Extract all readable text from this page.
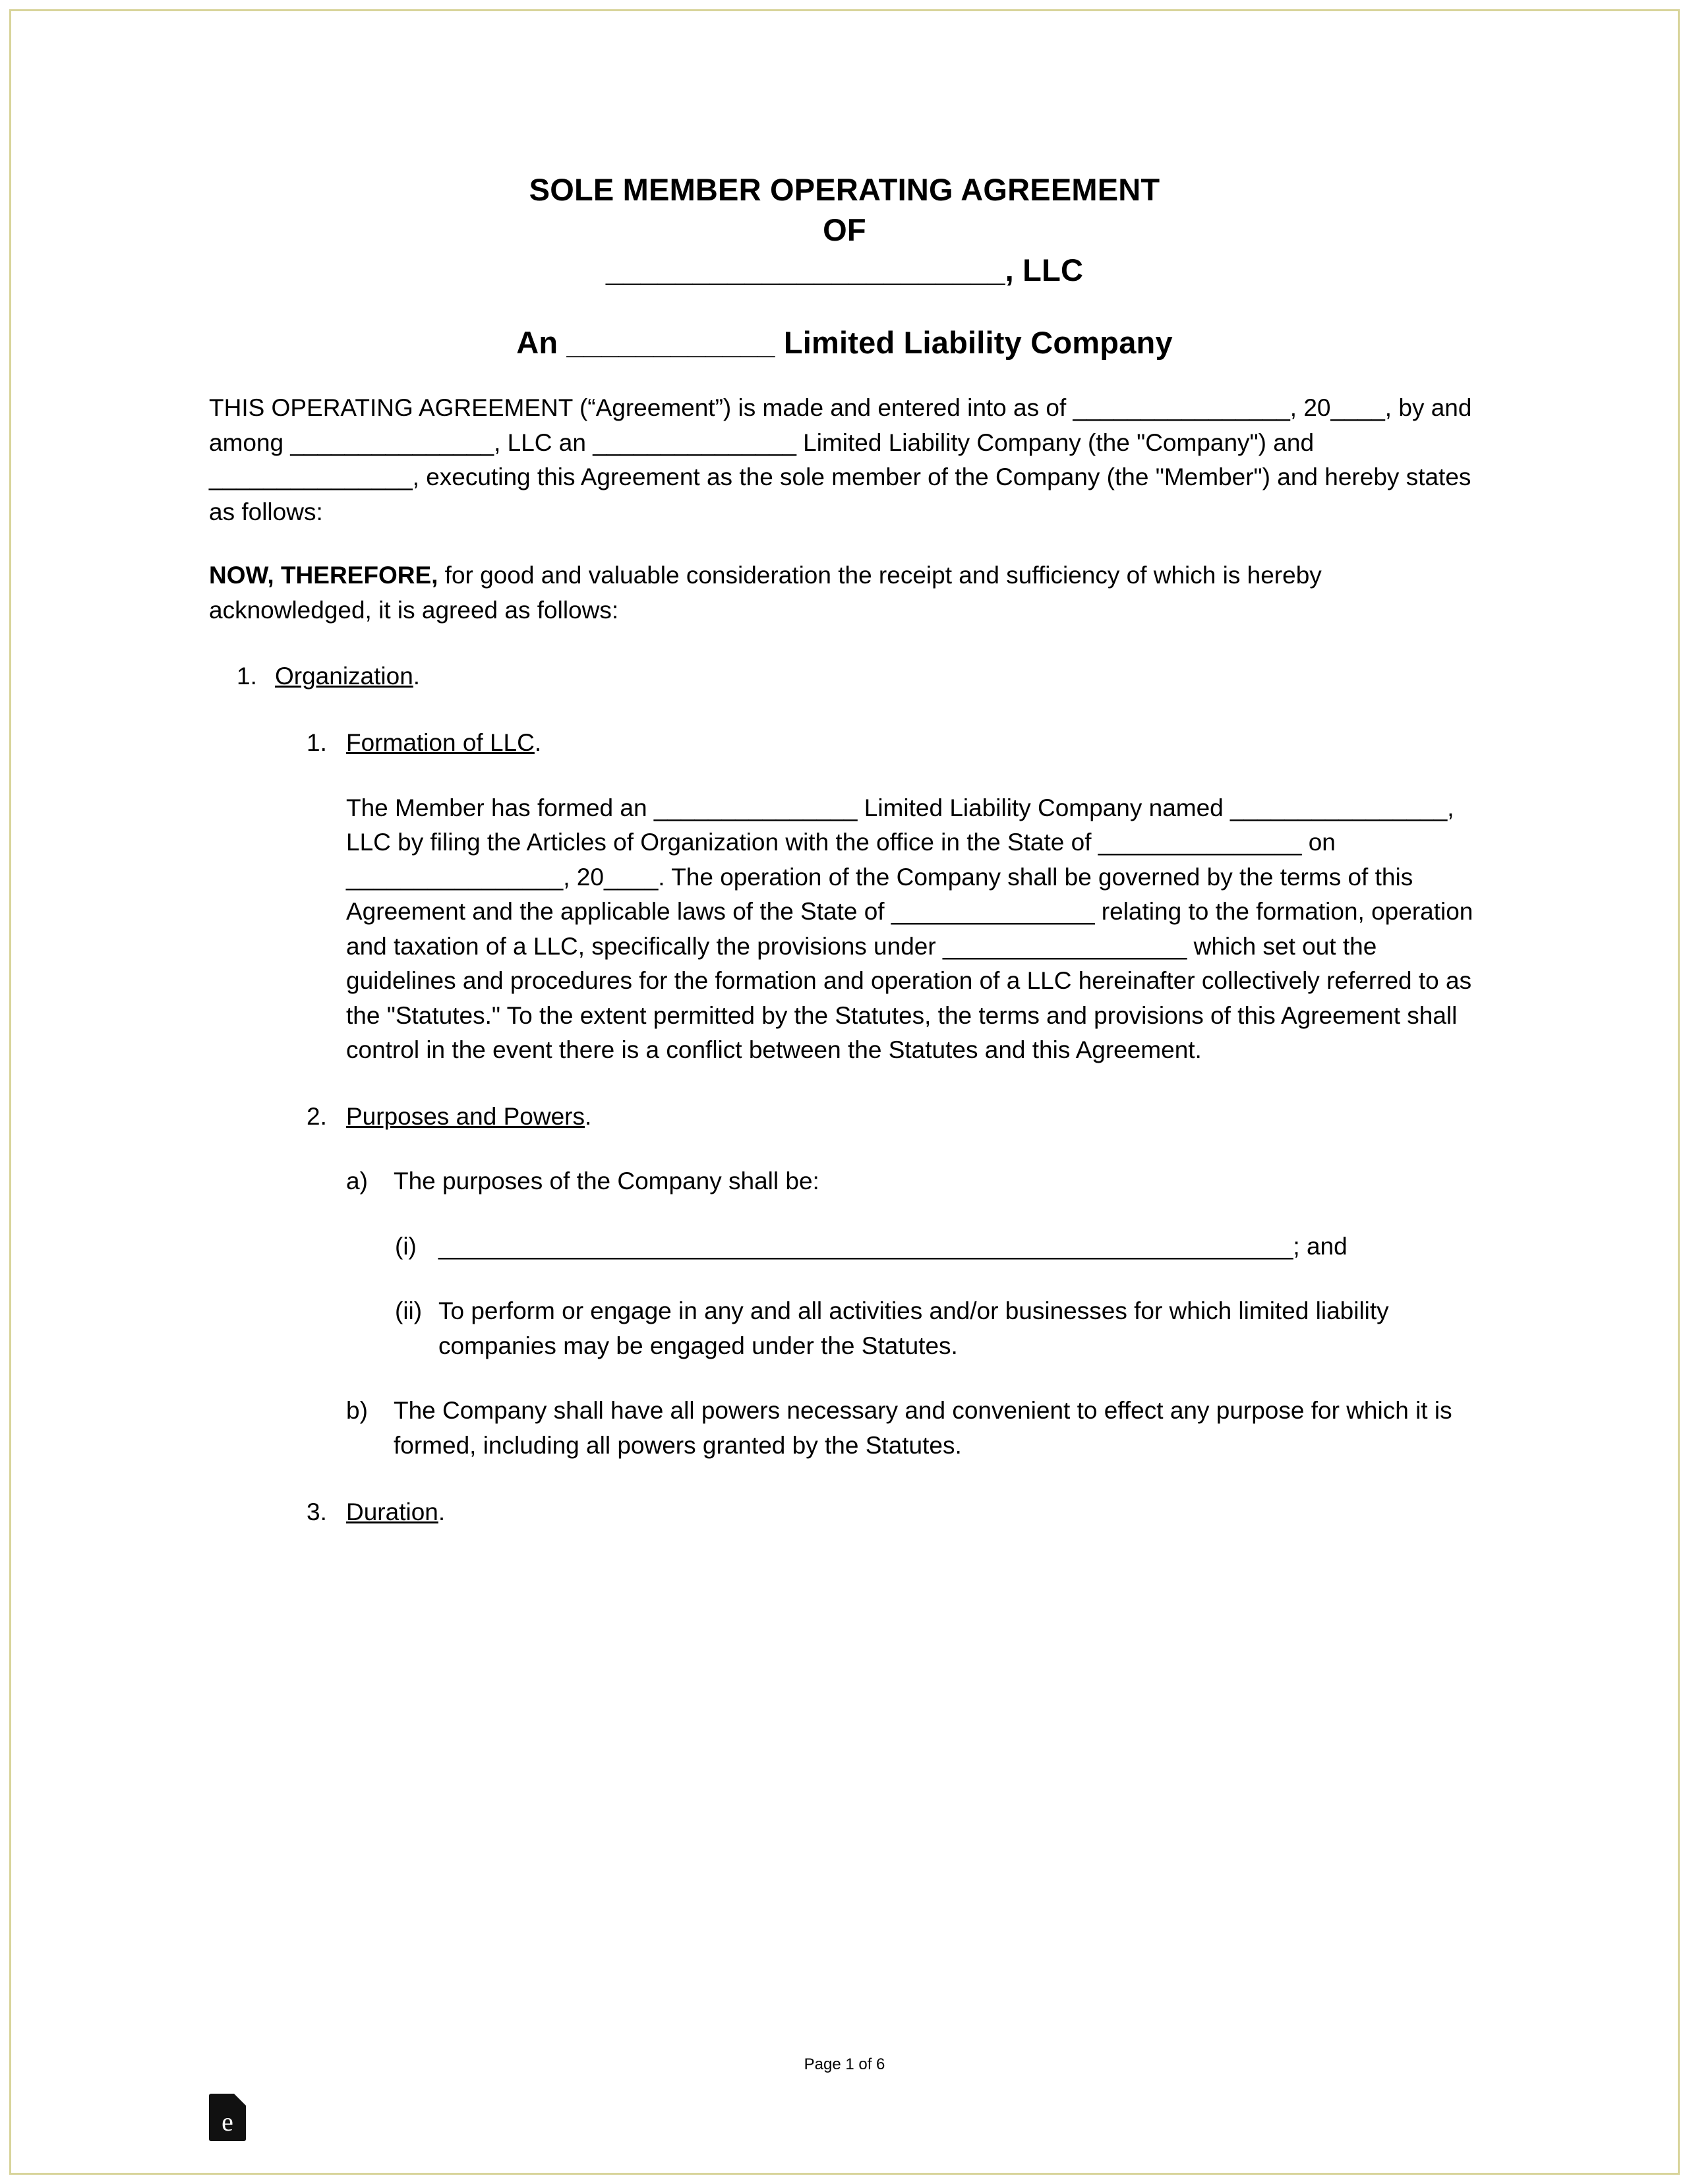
SOLE MEMBER OPERATING AGREEMENT
OF
_______________________, LLC
An ____________ Limited Liability Company
THIS OPERATING AGREEMENT (“Agreement”) is made and entered into as of ________________, 20____, by and among _______________, LLC an _______________ Limited Liability Company (the "Company") and _______________, executing this Agreement as the sole member of the Company (the "Member") and hereby states as follows:
NOW, THEREFORE, for good and valuable consideration the receipt and sufficiency of which is hereby acknowledged, it is agreed as follows:
1. Organization.
1. Formation of LLC.
The Member has formed an _______________ Limited Liability Company named ________________, LLC by filing the Articles of Organization with the office in the State of _______________ on ________________, 20____. The operation of the Company shall be governed by the terms of this Agreement and the applicable laws of the State of _______________ relating to the formation, operation and taxation of a LLC, specifically the provisions under __________________ which set out the guidelines and procedures for the formation and operation of a LLC hereinafter collectively referred to as the "Statutes." To the extent permitted by the Statutes, the terms and provisions of this Agreement shall control in the event there is a conflict between the Statutes and this Agreement.
2. Purposes and Powers.
a)	The purposes of the Company shall be:
(i) _______________________________________________________________; and
(ii) To perform or engage in any and all activities and/or businesses for which limited liability companies may be engaged under the Statutes.
b)	The Company shall have all powers necessary and convenient to effect any purpose for which it is formed, including all powers granted by the Statutes.
3. Duration.
Page 1 of 6
e
